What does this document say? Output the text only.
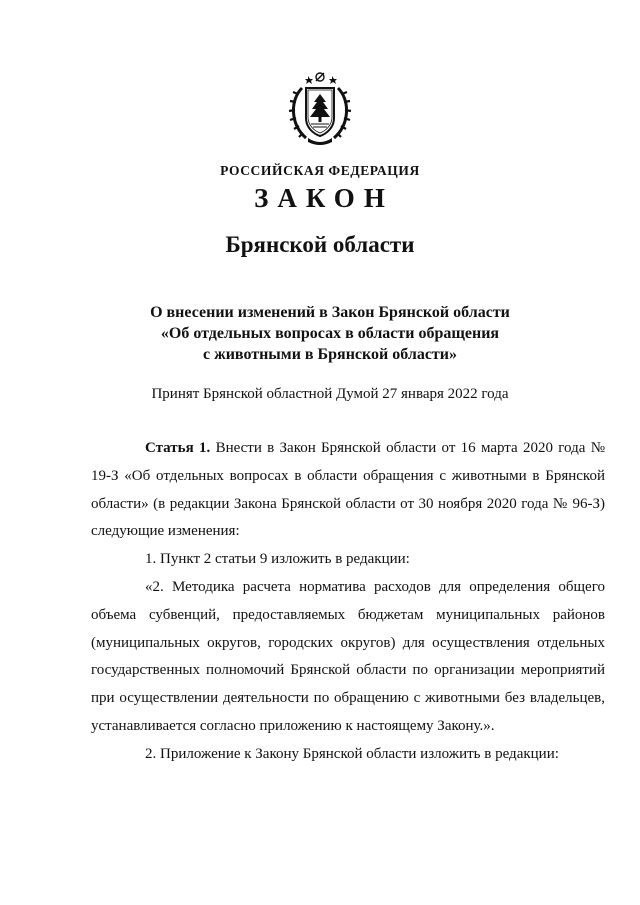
РОССИЙСКАЯ ФЕДЕРАЦИЯ
ЗАКОН
Брянской области
О внесении изменений в Закон Брянской области
«Об отдельных вопросах в области обращения
с животными в Брянской области»
Принят Брянской областной Думой 27 января 2022 года

Статья 1. Внести в Закон Брянской области от 16 марта 2020 года № 19-З «Об отдельных вопросах в области обращения с животными в Брянской области» (в редакции Закона Брянской области от 30 ноября 2020 года № 96-З) следующие изменения:

1. Пункт 2 статьи 9 изложить в редакции:

«2. Методика расчета норматива расходов для определения общего объема субвенций, предоставляемых бюджетам муниципальных районов (муниципальных округов, городских округов) для осуществления отдельных государственных полномочий Брянской области по организации мероприятий при осуществлении деятельности по обращению с животными без владельцев, устанавливается согласно приложению к настоящему Закону.».

2. Приложение к Закону Брянской области изложить в редакции:
